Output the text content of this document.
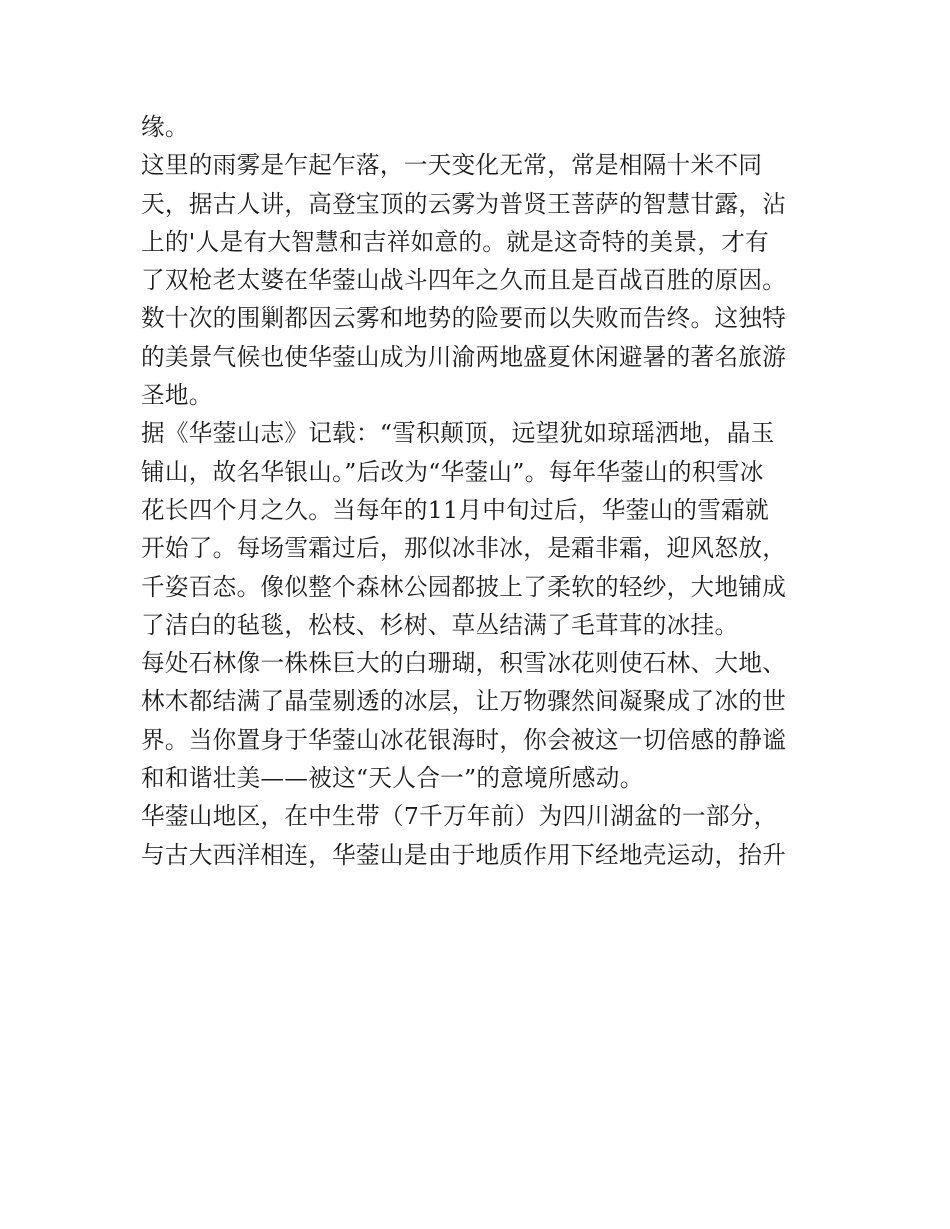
缘。
这里的雨雾是乍起乍落，一天变化无常，常是相隔十米不同
天，据古人讲，高登宝顶的云雾为普贤王菩萨的智慧甘露，沾
上的'人是有大智慧和吉祥如意的。就是这奇特的美景，才有
了双枪老太婆在华蓥山战斗四年之久而且是百战百胜的原因。
数十次的围剿都因云雾和地势的险要而以失败而告终。这独特
的美景气候也使华蓥山成为川渝两地盛夏休闲避暑的著名旅游
圣地。
据《华蓥山志》记载：“雪积颠顶，远望犹如琼瑶洒地，晶玉
铺山，故名华银山。”后改为“华蓥山”。每年华蓥山的积雪冰
花长四个月之久。当每年的11月中旬过后，华蓥山的雪霜就
开始了。每场雪霜过后，那似冰非冰，是霜非霜，迎风怒放，
千姿百态。像似整个森林公园都披上了柔软的轻纱，大地铺成
了洁白的毡毯，松枝、杉树、草丛结满了毛茸茸的冰挂。
每处石林像一株株巨大的白珊瑚，积雪冰花则使石林、大地、
林木都结满了晶莹剔透的冰层，让万物骤然间凝聚成了冰的世
界。当你置身于华蓥山冰花银海时，你会被这一切倍感的静谧
和和谐壮美——被这“天人合一”的意境所感动。
华蓥山地区，在中生带（7千万年前）为四川湖盆的一部分，
与古大西洋相连，华蓥山是由于地质作用下经地壳运动，抬升
